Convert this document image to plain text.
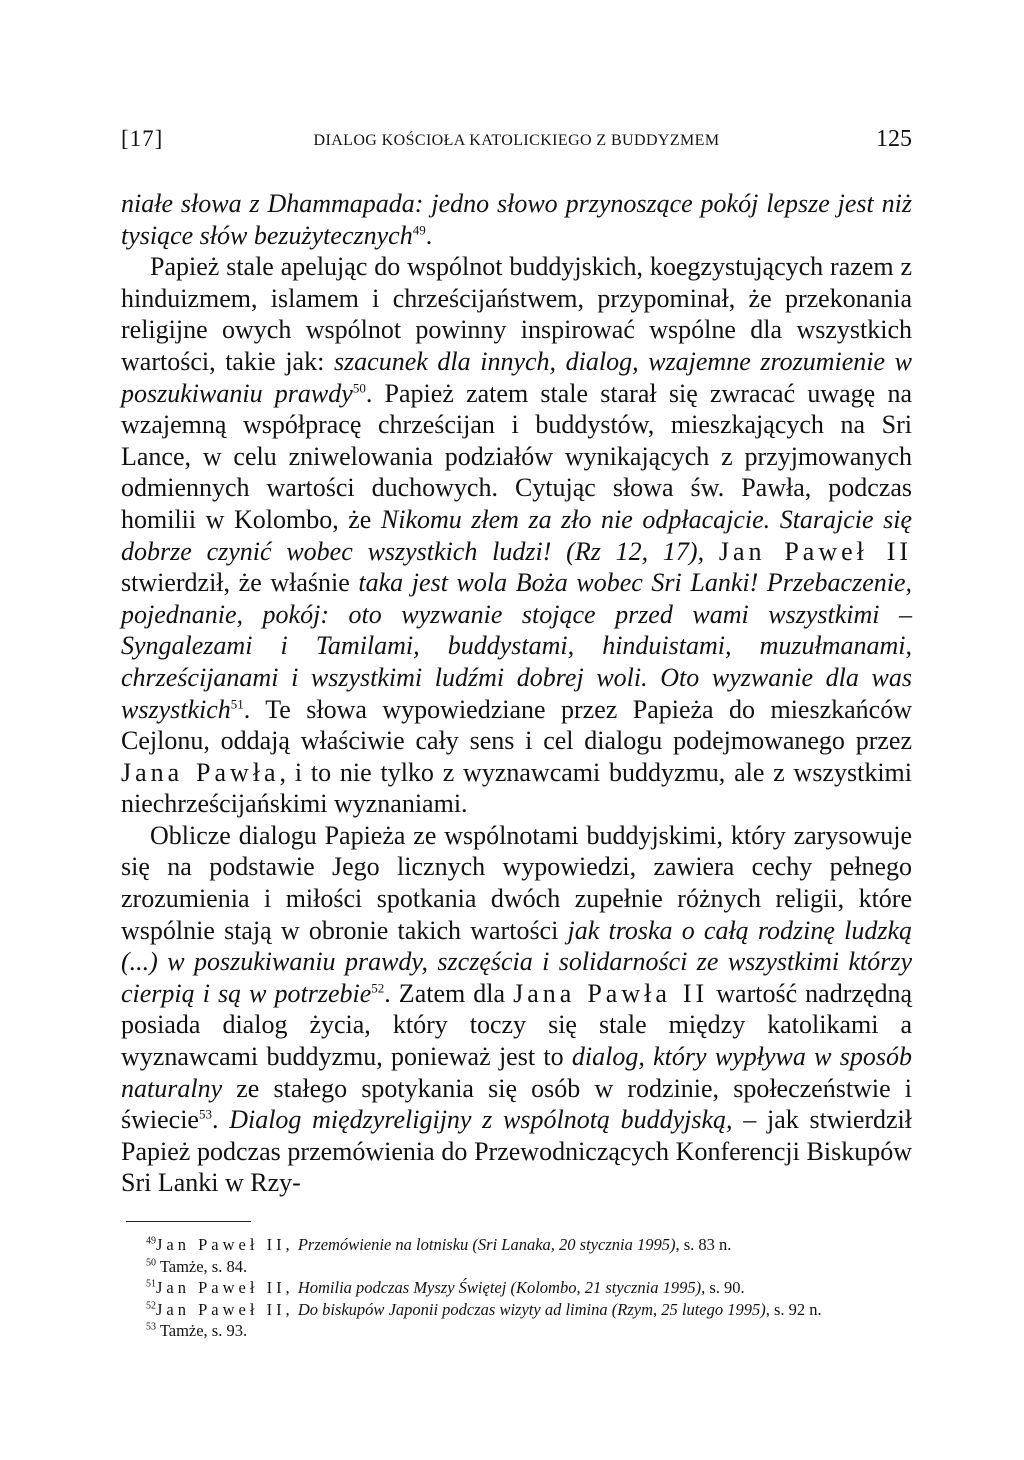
[17]	DIALOG KOŚCIOŁA KATOLICKIEGO Z BUDDYZMEM	125

niałe słowa z Dhammapada: jedno słowo przynoszące pokój lepsze jest niż tysiące słów bezużytecznych$^{49}$.

Papież stale apelując do wspólnot buddyjskich, koegzystujących razem z hinduizmem, islamem i chrześcijaństwem, przypominał, że przekonania religijne owych wspólnot powinny inspirować wspólne dla wszystkich wartości, takie jak: szacunek dla innych, dialog, wzajemne zrozumienie w poszukiwaniu prawdy$^{50}$. Papież zatem stale starał się zwracać uwagę na wzajemną współpracę chrześcijan i buddystów, mieszkających na Sri Lance, w celu zniwelowania podziałów wynikających z przyjmowanych odmiennych wartości duchowych. Cytując słowa św. Pawła, podczas homilii w Kolombo, że Nikomu złem za zło nie odpłacajcie. Starajcie się dobrze czynić wobec wszystkich ludzi! (Rz 12, 17), Jan Paweł II stwierdził, że właśnie taka jest wola Boża wobec Sri Lanki! Przebaczenie, pojednanie, pokój: oto wyzwanie stojące przed wami wszystkimi – Syngalezami i Tamilami, buddystami, hinduistami, muzułmanami, chrześcijanami i wszystkimi ludźmi dobrej woli. Oto wyzwanie dla was wszystkich$^{51}$. Te słowa wypowiedziane przez Papieża do mieszkańców Cejlonu, oddają właściwie cały sens i cel dialogu podejmowanego przez Jana Pawła, i to nie tylko z wyznawcami buddyzmu, ale z wszystkimi niechrześcijańskimi wyznaniami.

Oblicze dialogu Papieża ze wspólnotami buddyjskimi, który zarysowuje się na podstawie Jego licznych wypowiedzi, zawiera cechy pełnego zrozumienia i miłości spotkania dwóch zupełnie różnych religii, które wspólnie stają w obronie takich wartości jak troska o całą rodzinę ludzką (...) w poszukiwaniu prawdy, szczęścia i solidarności ze wszystkimi którzy cierpią i są w potrzebie$^{52}$. Zatem dla Jana Pawła II wartość nadrzędną posiada dialog życia, który toczy się stale między katolikami a wyznawcami buddyzmu, ponieważ jest to dialog, który wypływa w sposób naturalny ze stałego spotykania się osób w rodzinie, społeczeństwie i świecie$^{53}$. Dialog międzyreligijny z wspólnotą buddyjską, – jak stwierdził Papież podczas przemówienia do Przewodniczących Konferencji Biskupów Sri Lanki w Rzy-

$^{49}$Jan Paweł II, Przemówienie na lotnisku (Sri Lanaka, 20 stycznia 1995), s. 83 n.

$^{50}$ Tamże, s. 84.

$^{51}$Jan Paweł II, Homilia podczas Myszy Świętej (Kolombo, 21 stycznia 1995), s. 90.

$^{52}$Jan Paweł II, Do biskupów Japonii podczas wizyty ad limina (Rzym, 25 lutego 1995), s. 92 n.

$^{53}$ Tamże, s. 93.
